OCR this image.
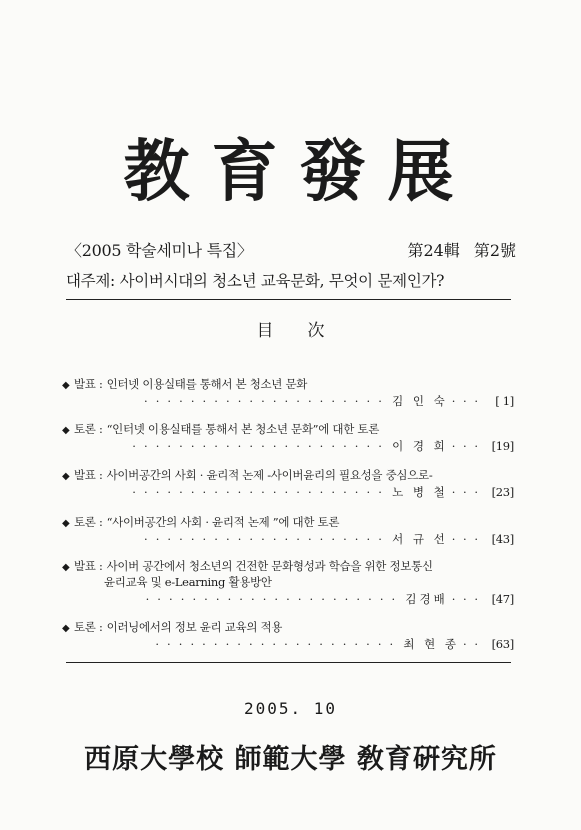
教 育 發 展
〈2005 학술세미나 특집〉	第24輯 第2號
대주제: 사이버시대의 청소년 교육문화, 무엇이 문제인가?
目 次
◆ 발표 : 인터넷 이용실태를 통해서 본 청소년 문화
· · · · · · · · · · · · · · · · · · · · · 김 인 숙 · · ·	[ 1]
◆ 토론 : “인터넷 이용실태를 통해서 본 청소년 문화”에 대한 토론
· · · · · · · · · · · · · · · · · · · · · · 이 경 희 · · ·	[19]
◆ 발표 : 사이버공간의 사회 · 윤리적 논제 -사이버윤리의 필요성을 중심으로-
· · · · · · · · · · · · · · · · · · · · · · 노 병 철 · · ·	[23]
◆ 토론 : “사이버공간의 사회 · 윤리적 논제 ”에 대한 토론
· · · · · · · · · · · · · · · · · · · · · 서 규 선 · · ·	[43]
◆ 발표 : 사이버 공간에서 청소년의 건전한 문화형성과 학습을 위한 정보통신
윤리교육 및 e-Learning 활용방안
· · · · · · · · · · · · · · · · · · · · · · 김경배 · · ·	[47]
◆ 토론 : 이러닝에서의 정보 윤리 교육의 적용
· · · · · · · · · · · · · · · · · · · · · 최 현 종 · ·	[63]
2005. 10
西原大學校 師範大學 敎育硏究所
